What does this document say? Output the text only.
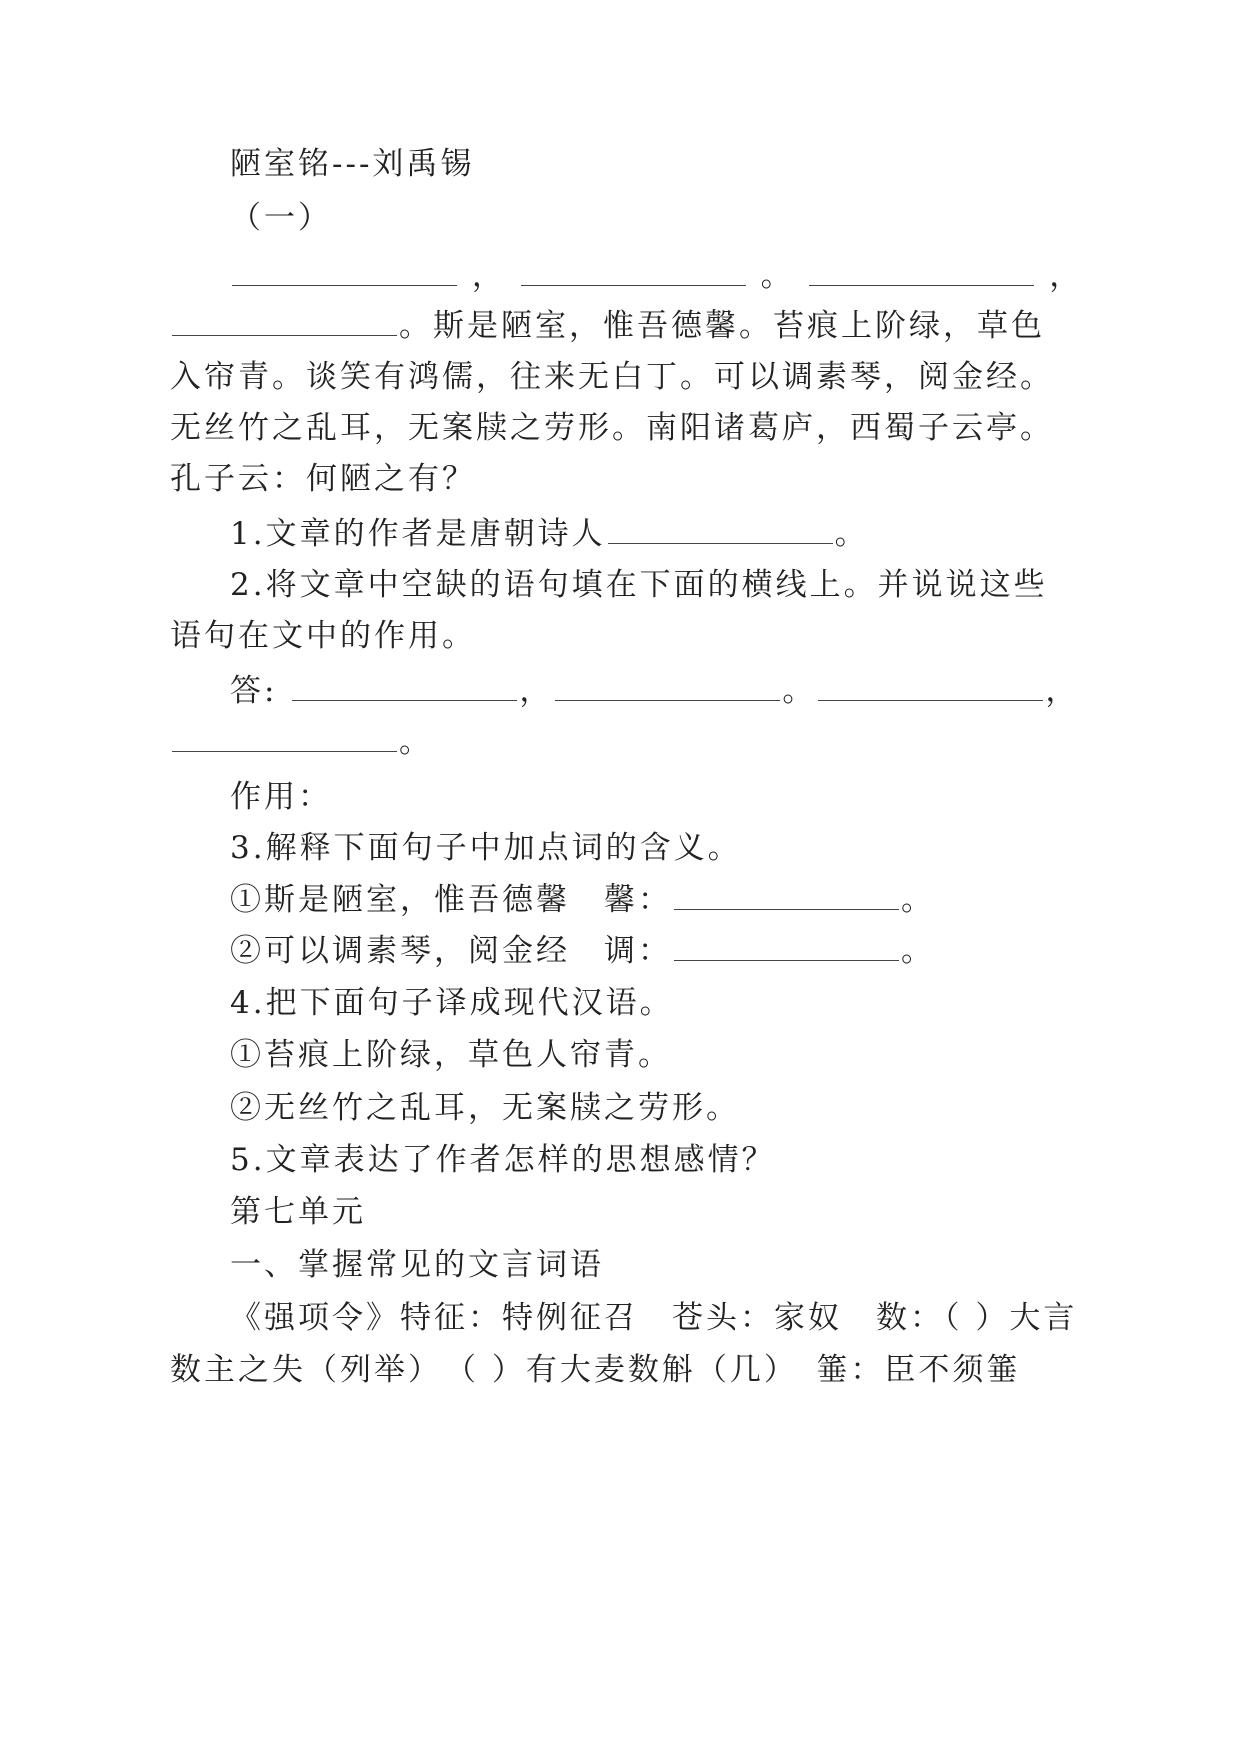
陋室铭---刘禹锡
（一）
，	。	，
。斯是陋室，惟吾德馨。苔痕上阶绿，草色
入帘青。谈笑有鸿儒，往来无白丁。可以调素琴，阅金经。
无丝竹之乱耳，无案牍之劳形。南阳诸葛庐，西蜀子云亭。
孔子云：何陋之有？
1.文章的作者是唐朝诗人	。
2.将文章中空缺的语句填在下面的横线上。并说说这些
语句在文中的作用。
答:	，	。	，
。
作用：
3.解释下面句子中加点词的含义。
①斯是陋室，惟吾德馨　馨：	。
②可以调素琴，阅金经　调：	。
4.把下面句子译成现代汉语。
①苔痕上阶绿，草色人帘青。
②无丝竹之乱耳，无案牍之劳形。
5.文章表达了作者怎样的思想感情？
第七单元
一、掌握常见的文言词语
《强项令》特征：特例征召　苍头：家奴　数：（ ）大言
数主之失（列举）　（ ）有大麦数斛（几）　箠：臣不须箠
